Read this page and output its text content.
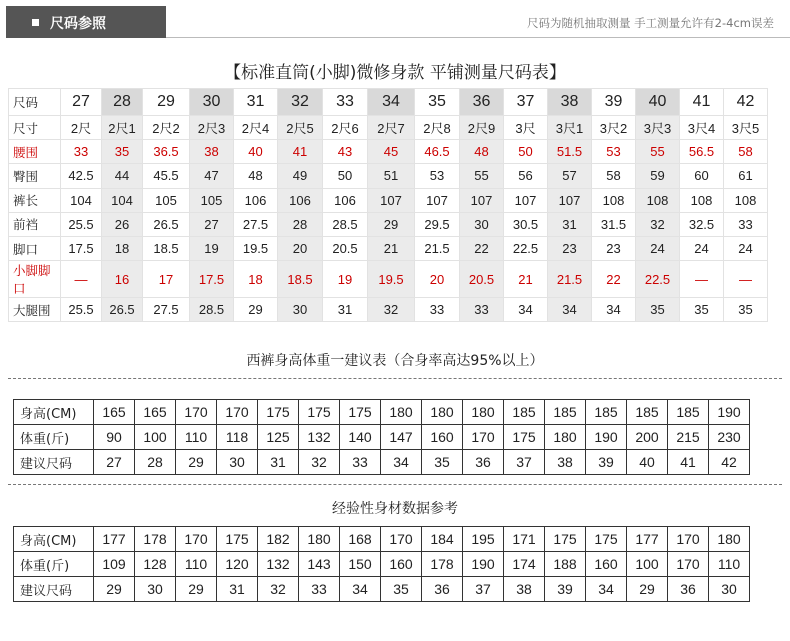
尺码参照	尺码为随机抽取测量 手工测量允许有2-4cm误差
【标准直筒(小脚)微修身款 平铺测量尺码表】
尺码	27	28	29	30	31	32	33	34	35	36	37	38	39	40	41	42
尺寸	2尺	2尺1	2尺2	2尺3	2尺4	2尺5	2尺6	2尺7	2尺8	2尺9	3尺	3尺1	3尺2	3尺3	3尺4	3尺5
腰围	33	35	36.5	38	40	41	43	45	46.5	48	50	51.5	53	55	56.5	58
臀围	42.5	44	45.5	47	48	49	50	51	53	55	56	57	58	59	60	61
裤长	104	104	105	105	106	106	106	107	107	107	107	107	108	108	108	108
前裆	25.5	26	26.5	27	27.5	28	28.5	29	29.5	30	30.5	31	31.5	32	32.5	33
脚口	17.5	18	18.5	19	19.5	20	20.5	21	21.5	22	22.5	23	23	24	24	24
小脚脚口	—	16	17	17.5	18	18.5	19	19.5	20	20.5	21	21.5	22	22.5	—	—
大腿围	25.5	26.5	27.5	28.5	29	30	31	32	33	33	34	34	34	35	35	35
西裤身高体重一建议表（合身率高达95%以上）
身高(CM)	165	165	170	170	175	175	175	180	180	180	185	185	185	185	185	190
体重(斤)	90	100	110	118	125	132	140	147	160	170	175	180	190	200	215	230
建议尺码	27	28	29	30	31	32	33	34	35	36	37	38	39	40	41	42
经验性身材数据参考
身高(CM)	177	178	170	175	182	180	168	170	184	195	171	175	175	177	170	180
体重(斤)	109	128	110	120	132	143	150	160	178	190	174	188	160	100	170	110
建议尺码	29	30	29	31	32	33	34	35	36	37	38	39	34	29	36	30
